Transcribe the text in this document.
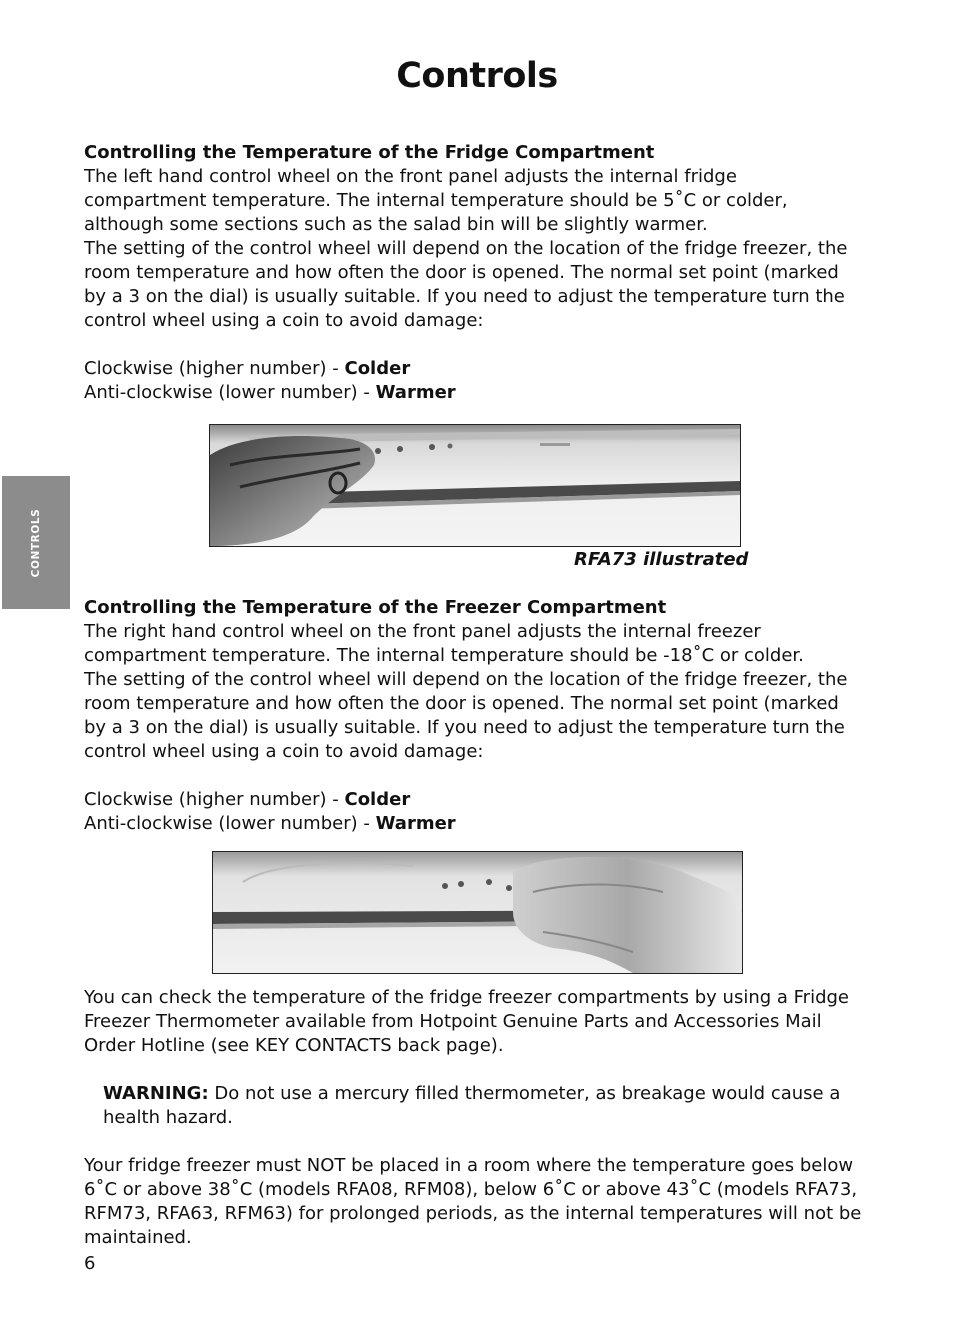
Controls
CONTROLS

Controlling the Temperature of the Fridge Compartment

The left hand control wheel on the front panel adjusts the internal fridge compartment temperature. The internal temperature should be 5˚C or colder, although some sections such as the salad bin will be slightly warmer.

The setting of the control wheel will depend on the location of the fridge freezer, the room temperature and how often the door is opened. The normal set point (marked by a 3 on the dial) is usually suitable. If you need to adjust the temperature turn the control wheel using a coin to avoid damage:

Clockwise (higher number) - Colder

Anti-clockwise (lower number) - Warmer

RFA73 illustrated

Controlling the Temperature of the Freezer Compartment

The right hand control wheel on the front panel adjusts the internal freezer compartment temperature. The internal temperature should be -18˚C or colder.

The setting of the control wheel will depend on the location of the fridge freezer, the room temperature and how often the door is opened. The normal set point (marked by a 3 on the dial) is usually suitable. If you need to adjust the temperature turn the control wheel using a coin to avoid damage:

Clockwise (higher number) - Colder

Anti-clockwise (lower number) - Warmer

You can check the temperature of the fridge freezer compartments by using a Fridge Freezer Thermometer available from Hotpoint Genuine Parts and Accessories Mail Order Hotline (see KEY CONTACTS back page).

WARNING: Do not use a mercury filled thermometer, as breakage would cause a health hazard.

Your fridge freezer must NOT be placed in a room where the temperature goes below 6˚C or above 38˚C (models RFA08, RFM08), below 6˚C or above 43˚C (models RFA73, RFM73, RFA63, RFM63) for prolonged periods, as the internal temperatures will not be maintained.

6
